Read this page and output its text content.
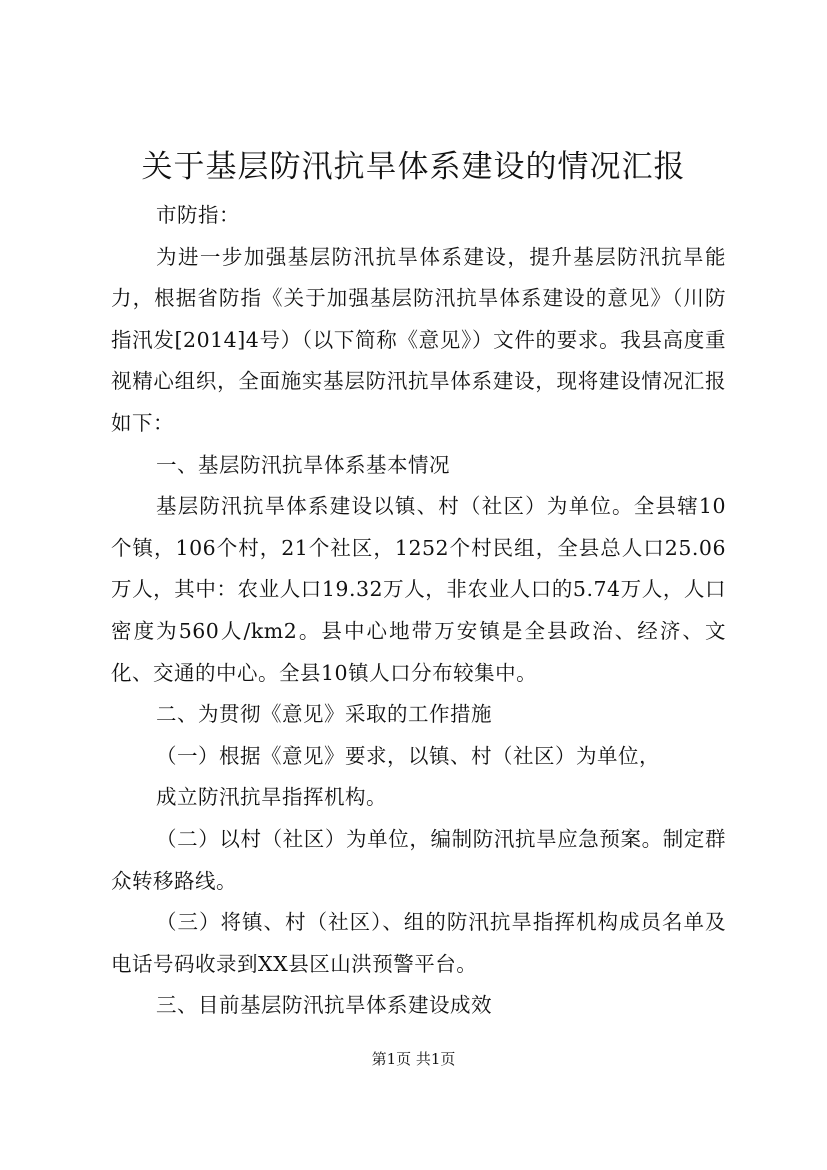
关于基层防汛抗旱体系建设的情况汇报

市防指：

为进一步加强基层防汛抗旱体系建设，提升基层防汛抗旱能力，根据省防指《关于加强基层防汛抗旱体系建设的意见》（川防指汛发[2014]4号）（以下简称《意见》）文件的要求。我县高度重视精心组织，全面施实基层防汛抗旱体系建设，现将建设情况汇报如下：

一、基层防汛抗旱体系基本情况

基层防汛抗旱体系建设以镇、村（社区）为单位。全县辖10个镇，106个村，21个社区，1252个村民组，全县总人口25.06万人，其中：农业人口19.32万人，非农业人口的5.74万人，人口密度为560人/km2。县中心地带万安镇是全县政治、经济、文化、交通的中心。全县10镇人口分布较集中。

二、为贯彻《意见》采取的工作措施

（一）根据《意见》要求，以镇、村（社区）为单位，

成立防汛抗旱指挥机构。

（二）以村（社区）为单位，编制防汛抗旱应急预案。制定群众转移路线。

（三）将镇、村（社区）、组的防汛抗旱指挥机构成员名单及电话号码收录到XX县区山洪预警平台。

三、目前基层防汛抗旱体系建设成效

第1页 共1页
